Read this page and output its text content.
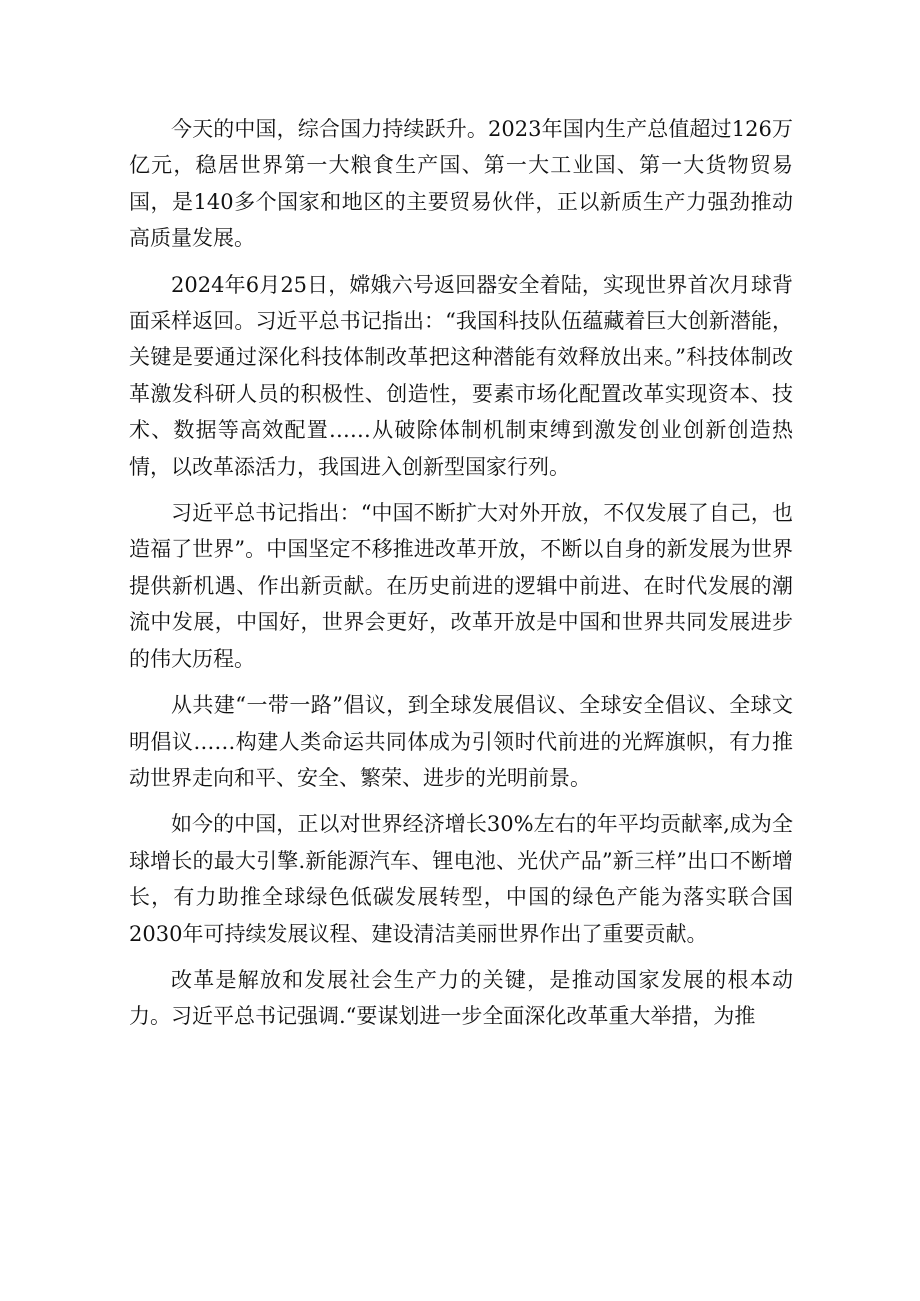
今天的中国，综合国力持续跃升。2023年国内生产总值超过126万亿元，稳居世界第一大粮食生产国、第一大工业国、第一大货物贸易国，是140多个国家和地区的主要贸易伙伴，正以新质生产力强劲推动高质量发展。

2024年6月25日，嫦娥六号返回器安全着陆，实现世界首次月球背面采样返回。习近平总书记指出：“我国科技队伍蕴藏着巨大创新潜能，关键是要通过深化科技体制改革把这种潜能有效释放出来。”科技体制改革激发科研人员的积极性、创造性，要素市场化配置改革实现资本、技术、数据等高效配置……从破除体制机制束缚到激发创业创新创造热情，以改革添活力，我国进入创新型国家行列。

习近平总书记指出：“中国不断扩大对外开放，不仅发展了自己，也造福了世界”。中国坚定不移推进改革开放，不断以自身的新发展为世界提供新机遇、作出新贡献。在历史前进的逻辑中前进、在时代发展的潮流中发展，中国好，世界会更好，改革开放是中国和世界共同发展进步的伟大历程。

从共建“一带一路”倡议，到全球发展倡议、全球安全倡议、全球文明倡议……构建人类命运共同体成为引领时代前进的光辉旗帜，有力推动世界走向和平、安全、繁荣、进步的光明前景。

如今的中国，正以对世界经济增长30%左右的年平均贡献率,成为全球增长的最大引擎.新能源汽车、锂电池、光伏产品”新三样”出口不断增长，有力助推全球绿色低碳发展转型，中国的绿色产能为落实联合国2030年可持续发展议程、建设清洁美丽世界作出了重要贡献。

改革是解放和发展社会生产力的关键，是推动国家发展的根本动力。习近平总书记强调.“要谋划进一步全面深化改革重大举措，为推
